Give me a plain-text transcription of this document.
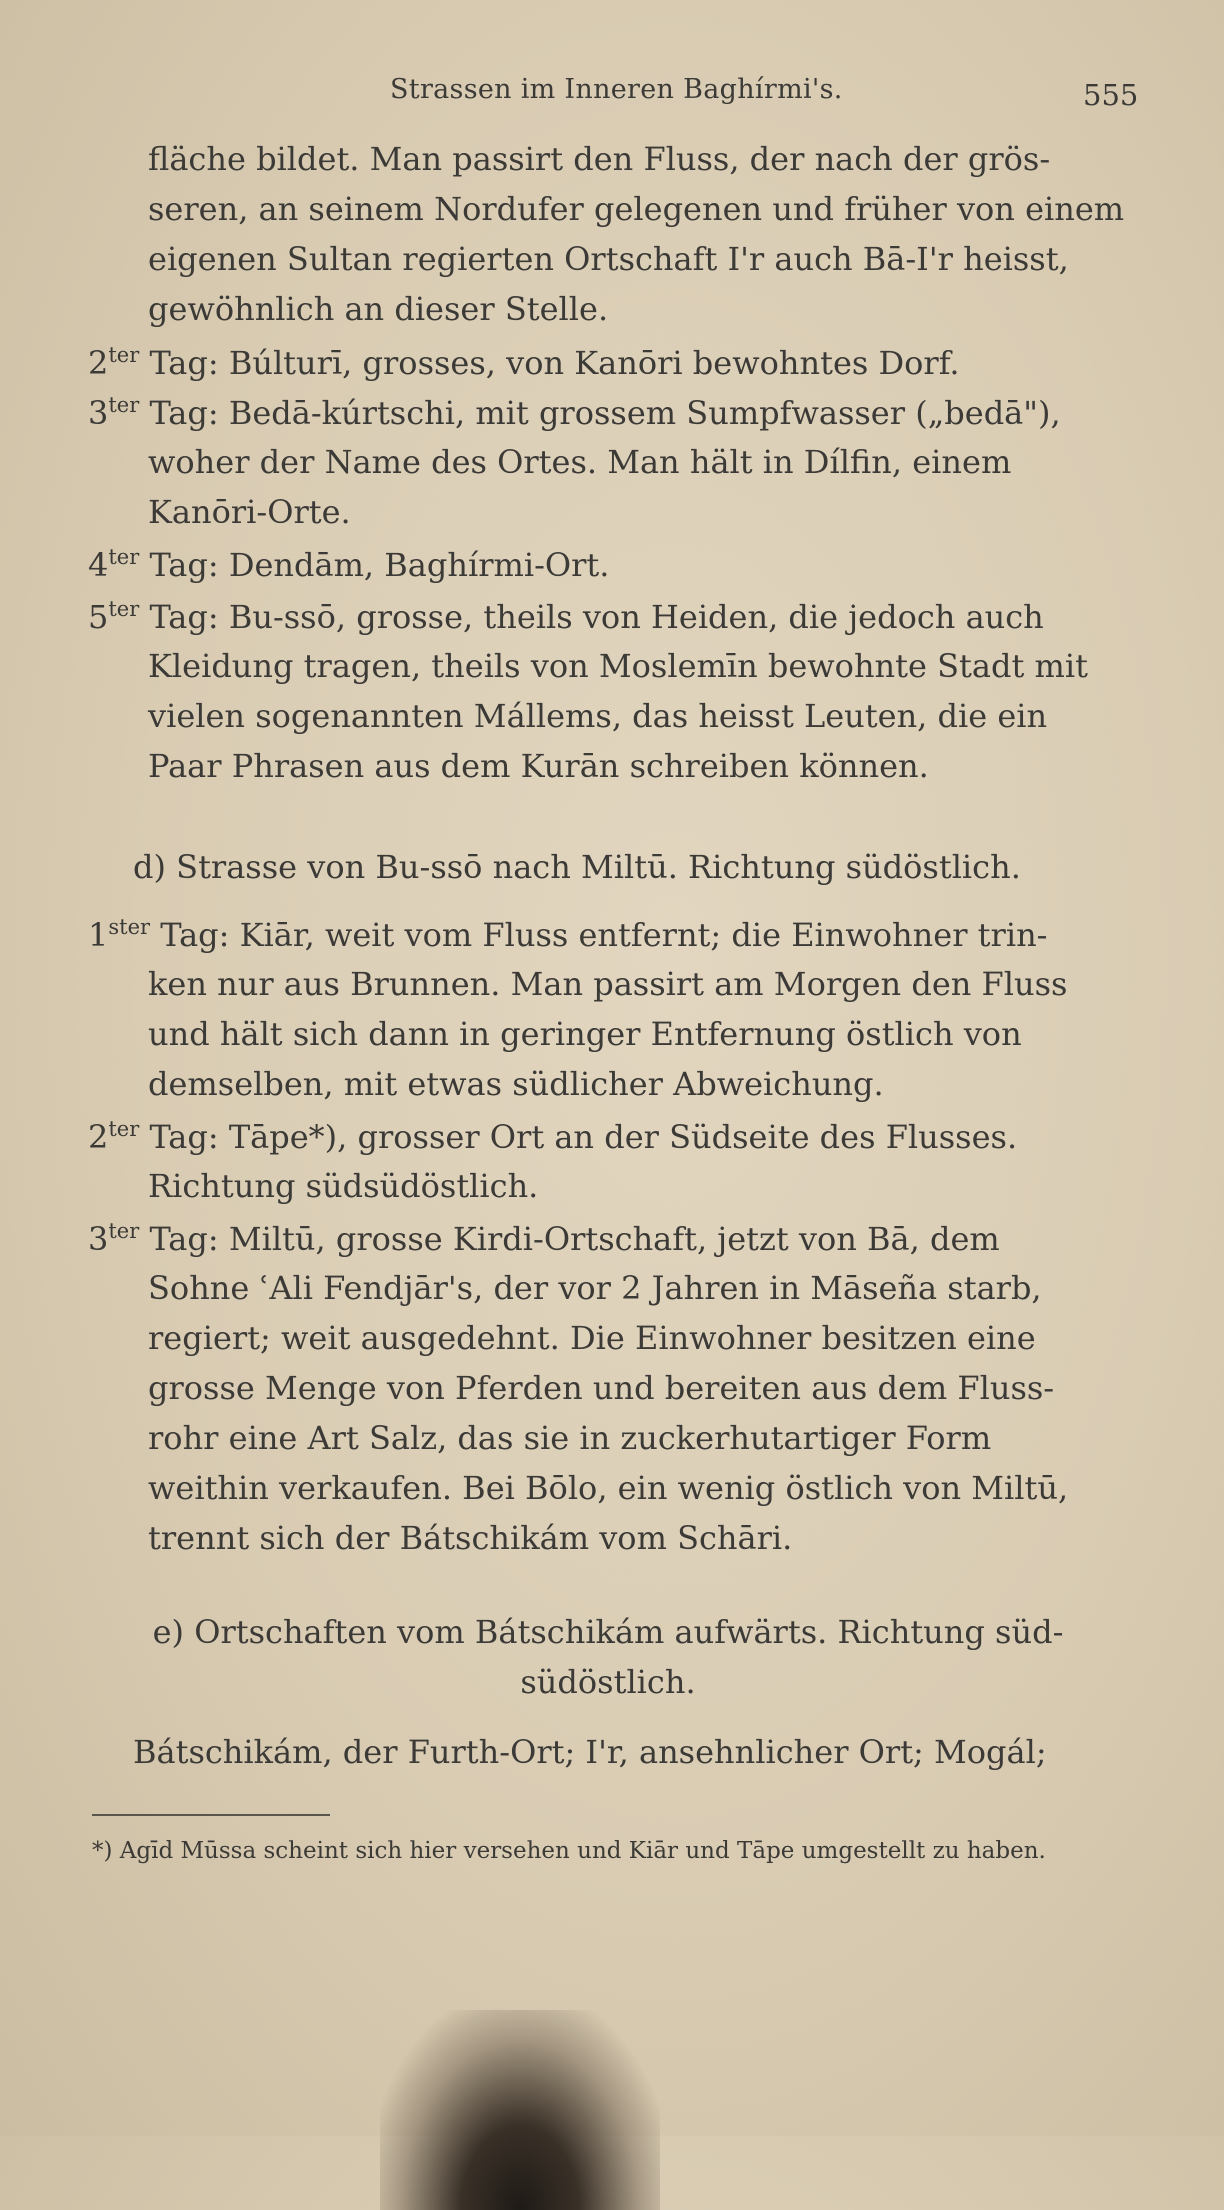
Strassen im Inneren Baghírmi's.	555
fläche bildet. Man passirt den Fluss, der nach der grös-
seren, an seinem Nordufer gelegenen und früher von einem
eigenen Sultan regierten Ortschaft I'r auch Bā-I'r heisst,
gewöhnlich an dieser Stelle.
$2^{ter}$ Tag: Búlturī, grosses, von Kanōri bewohntes Dorf.
$3^{ter}$ Tag: Bedā-kúrtschi, mit grossem Sumpfwasser („bedā"),
woher der Name des Ortes. Man hält in Dílfin, einem
Kanōri-Orte.
$4^{ter}$ Tag: Dendām, Baghírmi-Ort.
$5^{ter}$ Tag: Bu-ssō, grosse, theils von Heiden, die jedoch auch
Kleidung tragen, theils von Moslemīn bewohnte Stadt mit
vielen sogenannten Mállems, das heisst Leuten, die ein
Paar Phrasen aus dem Kurān schreiben können.
d) Strasse von Bu-ssō nach Miltū. Richtung südöstlich.
$1^{ster}$ Tag: Kiār, weit vom Fluss entfernt; die Einwohner trin-
ken nur aus Brunnen. Man passirt am Morgen den Fluss
und hält sich dann in geringer Entfernung östlich von
demselben, mit etwas südlicher Abweichung.
$2^{ter}$ Tag: Tāpe*), grosser Ort an der Südseite des Flusses.
Richtung südsüdöstlich.
$3^{ter}$ Tag: Miltū, grosse Kirdi-Ortschaft, jetzt von Bā, dem
Sohne ʿAli Fendjār's, der vor 2 Jahren in Māseña starb,
regiert; weit ausgedehnt. Die Einwohner besitzen eine
grosse Menge von Pferden und bereiten aus dem Fluss-
rohr eine Art Salz, das sie in zuckerhutartiger Form
weithin verkaufen. Bei Bōlo, ein wenig östlich von Miltū,
trennt sich der Bátschikám vom Schāri.
e) Ortschaften vom Bátschikám aufwärts. Richtung süd-
südöstlich.
Bátschikám, der Furth-Ort; I'r, ansehnlicher Ort; Mogál;
*) Agīd Mūssa scheint sich hier versehen und Kiār und Tāpe umgestellt zu haben.
